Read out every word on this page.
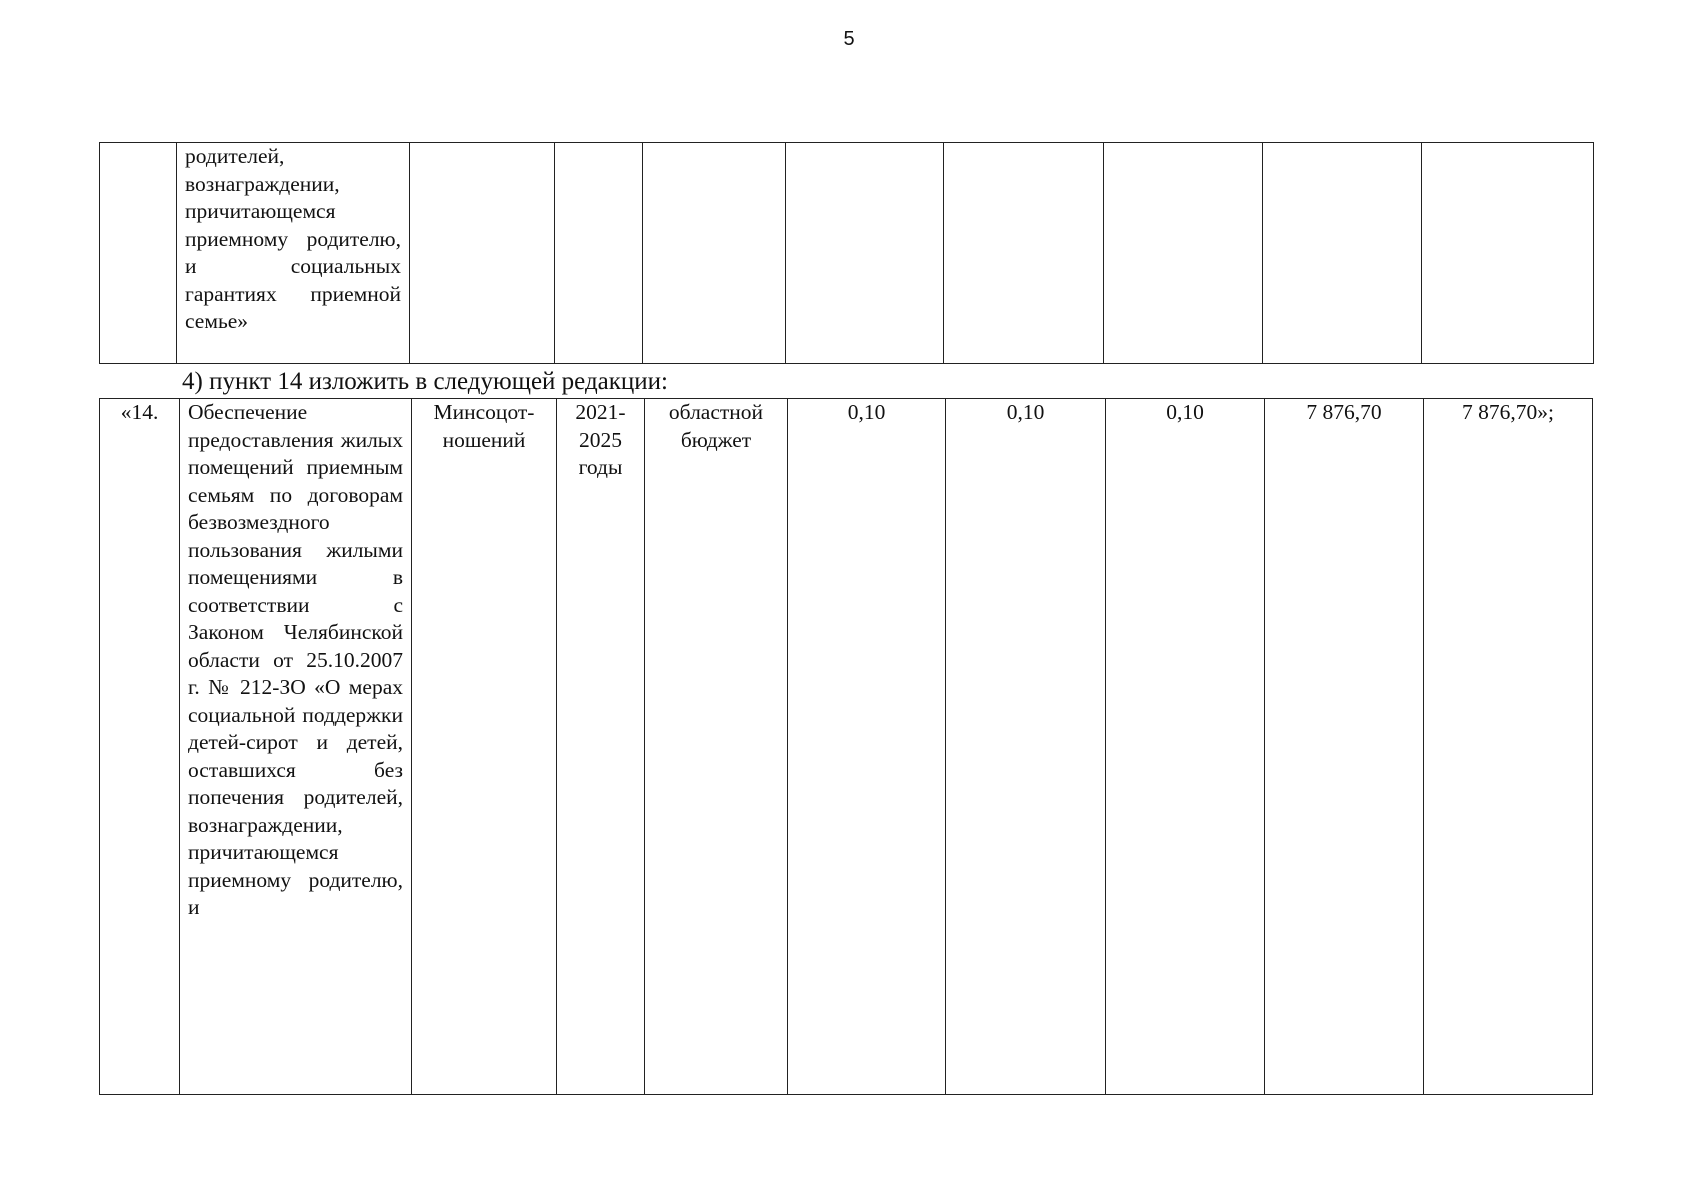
5
	родителей, вознаграждении, причитающемся приемному родителю, и социальных гарантиях приемной семье»								
4) пункт 14 изложить в следующей редакции:
«14.	Обеспечение предоставления жилых помещений приемным семьям по договорам безвозмездного пользования жилыми помещениями в соответствии с Законом Челябинской области от 25.10.2007 г. № 212-ЗО «О мерах социальной поддержки детей-сирот и детей, оставшихся без попечения родителей, вознаграждении, причитающемся приемному родителю, и	Минсоцот-ношений	2021-2025 годы	областной бюджет	0,10	0,10	0,10	7 876,70	7 876,70»;
